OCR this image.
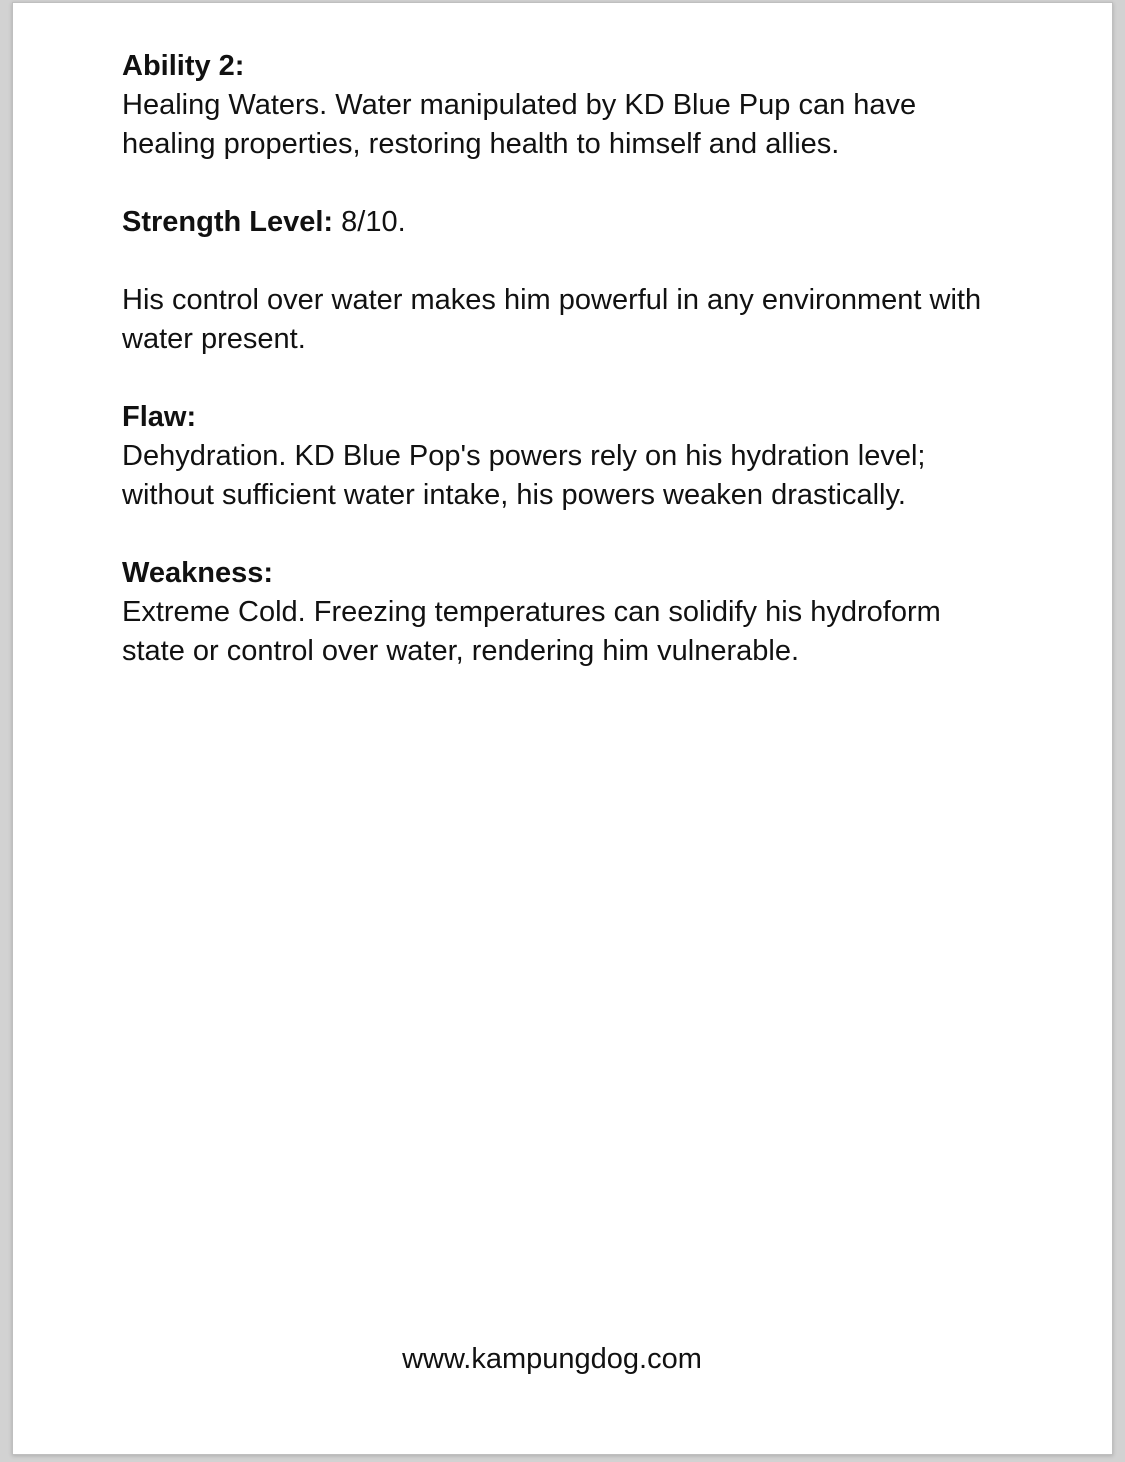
Ability 2:
Healing Waters. Water manipulated by KD Blue Pup can have
healing properties, restoring health to himself and allies.
Strength Level: 8/10.
His control over water makes him powerful in any environment with
water present.
Flaw:
Dehydration. KD Blue Pop's powers rely on his hydration level;
without sufficient water intake, his powers weaken drastically.
Weakness:
Extreme Cold. Freezing temperatures can solidify his hydroform
state or control over water, rendering him vulnerable.
www.kampungdog.com
